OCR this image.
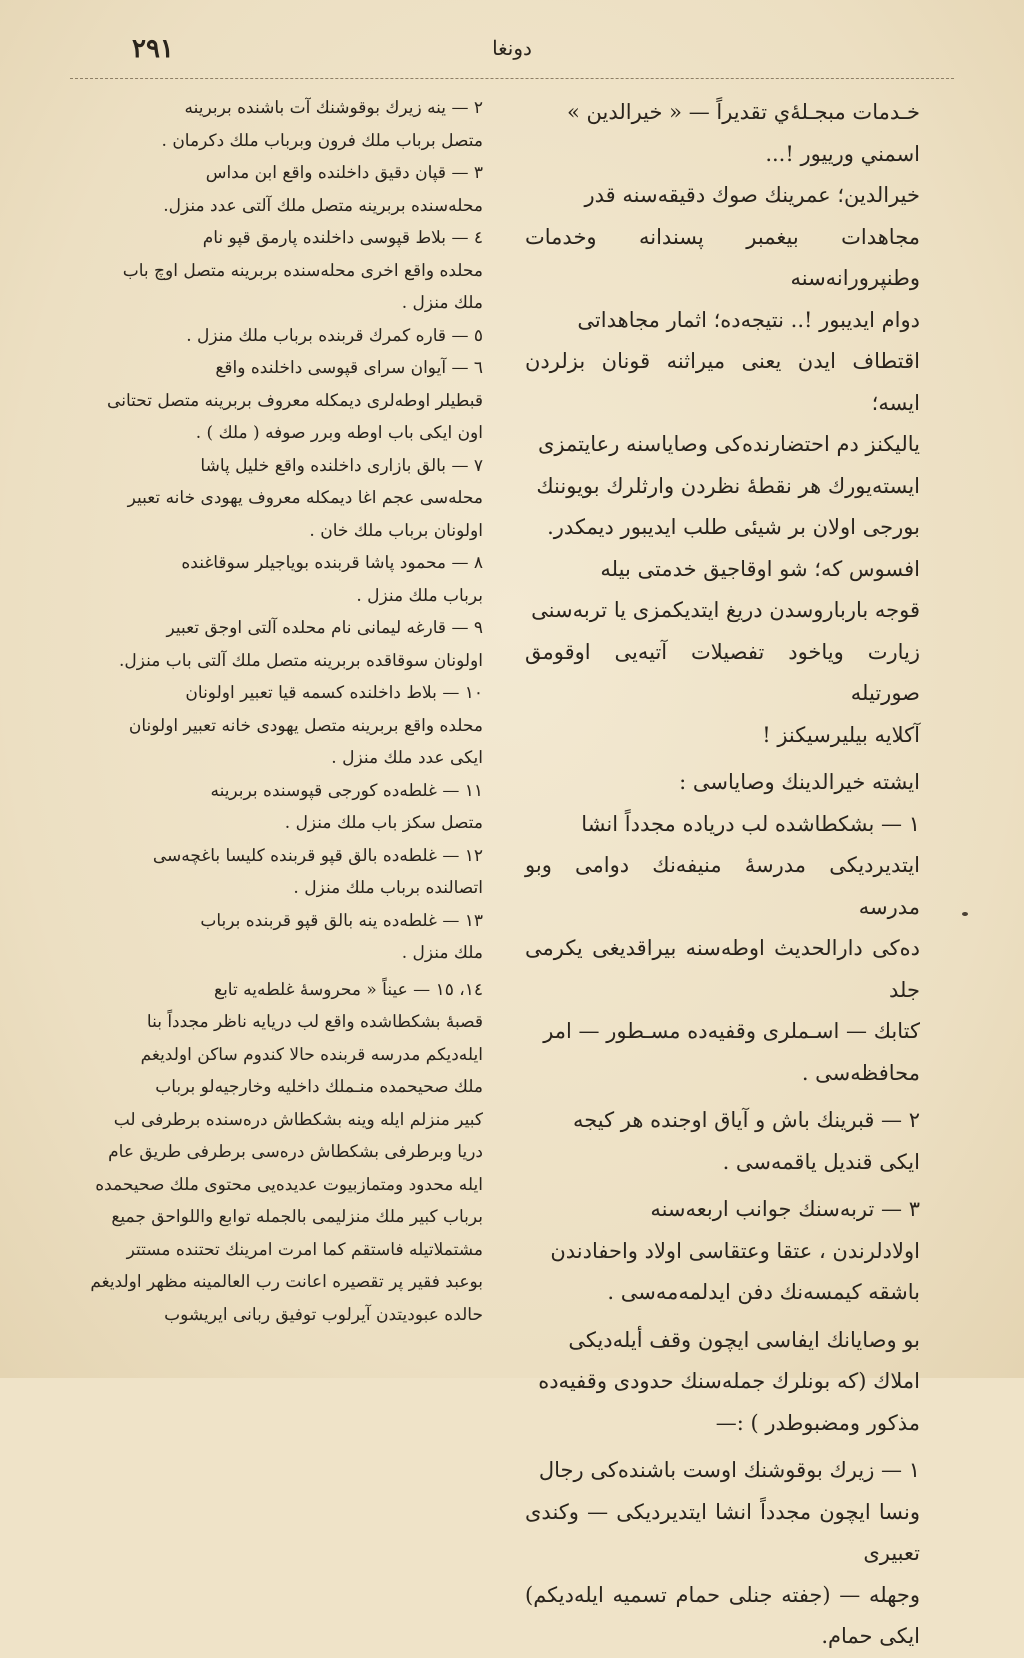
٢٩١	دونغا

خـدمات مبجـلهٔ‌ي تقديراً — « خيرالدين »

اسمني ورييور !...

خيرالدين؛ عمرينك صوك دقيقه‌سنه قدر

مجاهدات بيغمبر پسندانه وخدمات وطنپرورانه‌سنه

دوام ايديبور !.. نتيجه‌ده؛ اثمار مجاهداتى

اقتطاف ايدن يعنى ميراثنه قونان بزلردن ايسه؛

ياليكنز دم احتضارنده‌كى وصاياسنه رعايتمزى

ايسته‌يورك هر نقطهٔ نظردن وارثلرك بويوننك

بورجى اولان بر شيئى طلب ايديبور ديمكدر.

افسوس كه؛ شو اوقاجيق خدمتى بيله

قوجه بارباروسدن دريغ ايتديكمزى يا تربه‌سنى

زيارت وياخود تفصيلات آتيه‌يى اوقومق صورتيله

آكلايه بيليرسيكنز !

ايشته خيرالدينك وصاياسى :

١ — بشكطاشده لب درياده مجدداً انشا

ايتديرديكى مدرسهٔ منيفه‌نك دوامى وبو مدرسه‌

ده‌كى دارالحديث اوطه‌سنه بيراقديغى يكرمى جلد

كتابك — اسـملرى وقفيه‌ده مسـطور — امر

محافظه‌سى .

٢ — قبرينك باش و آياق اوجنده هر كيجه

ايكى قنديل ياقمه‌سى .

٣ — تربه‌سنك جوانب اربعه‌سنه

اولادلرندن ، عتقا وعتقاسى اولاد واحفادندن

باشقه كيمسه‌نك دفن ايدلمه‌مه‌سى .

بو وصايانك ايفاسى ايچون وقف أيله‌ديكى

املاك (كه بونلرك جمله‌سنك حدودى وقفيه‌ده

مذكور ومضبوطدر ) :—

١ — زيرك بوقوشنك اوست باشنده‌كى رجال

ونسا ايچون مجدداً انشا ايتديرديكى — وكندى تعبيرى

وجهله — (جفته جنلى حمام تسميه ايله‌ديكم) ايكى حمام.

٢ — ينه زيرك بوقوشنك آت باشنده بربرينه

متصل برباب ملك فرون وبرباب ملك دكرمان .

٣ — قپان دقيق داخلنده واقع ابن مداس

محله‌سنده بربرينه متصل ملك آلتى عدد منزل.

٤ — بلاط قپوسى داخلنده پارمق قپو نام

محلده واقع اخرى محله‌سنده بربرينه متصل اوچ باب

ملك منزل .

٥ — قاره كمرك قربنده برباب ملك منزل .

٦ — آيوان سراى قپوسى داخلنده واقع

قبطيلر اوطه‌لرى ديمكله معروف بربرينه متصل تحتانى

اون ايكى باب اوطه وبرر صوفه ( ملك ) .

٧ — بالق بازارى داخلنده واقع خليل پاشا

محله‌سى عجم اغا ديمكله معروف يهودى خانه تعبير

اولونان برباب ملك خان .

٨ — محمود پاشا قربنده بوياجيلر سوقاغنده

برباب ملك منزل .

٩ — قارغه ليمانى نام محلده آلتى اوجق تعبير

اولونان سوقاقده بربرينه متصل ملك آلتى باب منزل.

١٠ — بلاط داخلنده كسمه قيا تعبير اولونان

محلده واقع بربرينه متصل يهودى خانه تعبير اولونان

ايكى عدد ملك منزل .

١١ — غلطه‌ده كورجى قپوسنده بربرينه

متصل سكز باب ملك منزل .

١٢ — غلطه‌ده بالق قپو قربنده كليسا باغچه‌سى

اتصالنده برباب ملك منزل .

١٣ — غلطه‌ده ينه بالق قپو قربنده برباب

ملك منزل .

١٤، ١٥ — عيناً « محروسهٔ غلطه‌يه تابع

قصبهٔ بشكطاشده واقع لب دريايه ناظر مجدداً بنا

ايله‌ديكم مدرسه قربنده حالا كندوم ساكن اولديغم

ملك صحيحمده منـملك داخليه وخارجيه‌لو برباب

كبير منزلم ايله وينه بشكطاش دره‌سنده برطرفى لب

دريا وبرطرفى بشكطاش دره‌سى برطرفى طريق عام

ايله محدود ومتمازبيوت عديده‌يى محتوى ملك صحيحمده

برباب كبير ملك منزليمى بالجمله توابع واللواحق جميع

مشتملاتيله فاستقم كما امرت امرينك تحتنده مستتر

بوعبد فقير پر تقصيره اعانت رب العالمينه مظهر اولديغم

حالده عبوديتدن آيرلوب توفيق ربانى ايريشوب
